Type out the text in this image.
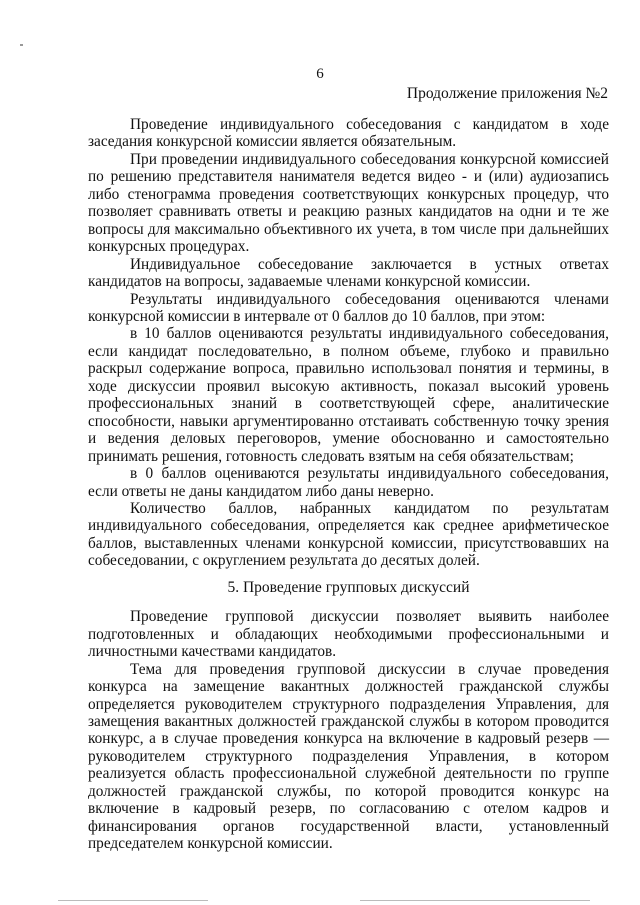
6
Продолжение приложения №2

Проведение индивидуального собеседования с кандидатом в ходе заседания конкурсной комиссии является обязательным.

При проведении индивидуального собеседования конкурсной комиссией по решению представителя нанимателя ведется видео - и (или) аудиозапись либо стенограмма проведения соответствующих конкурсных процедур, что позволяет сравнивать ответы и реакцию разных кандидатов на одни и те же вопросы для максимально объективного их учета, в том числе при дальнейших конкурсных процедурах.

Индивидуальное собеседование заключается в устных ответах кандидатов на вопросы, задаваемые членами конкурсной комиссии.

Результаты индивидуального собеседования оцениваются членами конкурсной комиссии в интервале от 0 баллов до 10 баллов, при этом:

в 10 баллов оцениваются результаты индивидуального собеседования, если кандидат последовательно, в полном объеме, глубоко и правильно раскрыл содержание вопроса, правильно использовал понятия и термины, в ходе дискуссии проявил высокую активность, показал высокий уровень профессиональных знаний в соответствующей сфере, аналитические способности, навыки аргументированно отстаивать собственную точку зрения и ведения деловых переговоров, умение обоснованно и самостоятельно принимать решения, готовность следовать взятым на себя обязательствам;

в 0 баллов оцениваются результаты индивидуального собеседования, если ответы не даны кандидатом либо даны неверно.

Количество баллов, набранных кандидатом по результатам индивидуального собеседования, определяется как среднее арифметическое баллов, выставленных членами конкурсной комиссии, присутствовавших на собеседовании, с округлением результата до десятых долей.

5. Проведение групповых дискуссий

Проведение групповой дискуссии позволяет выявить наиболее подготовленных и обладающих необходимыми профессиональными и личностными качествами кандидатов.

Тема для проведения групповой дискуссии в случае проведения конкурса на замещение вакантных должностей гражданской службы определяется руководителем структурного подразделения Управления, для замещения вакантных должностей гражданской службы в котором проводится конкурс, а в случае проведения конкурса на включение в кадровый резерв — руководителем структурного подразделения Управления, в котором реализуется область профессиональной служебной деятельности по группе должностей гражданской службы, по которой проводится конкурс на включение в кадровый резерв, по согласованию с отелом кадров и финансирования органов государственной власти, установленный председателем конкурсной комиссии.
